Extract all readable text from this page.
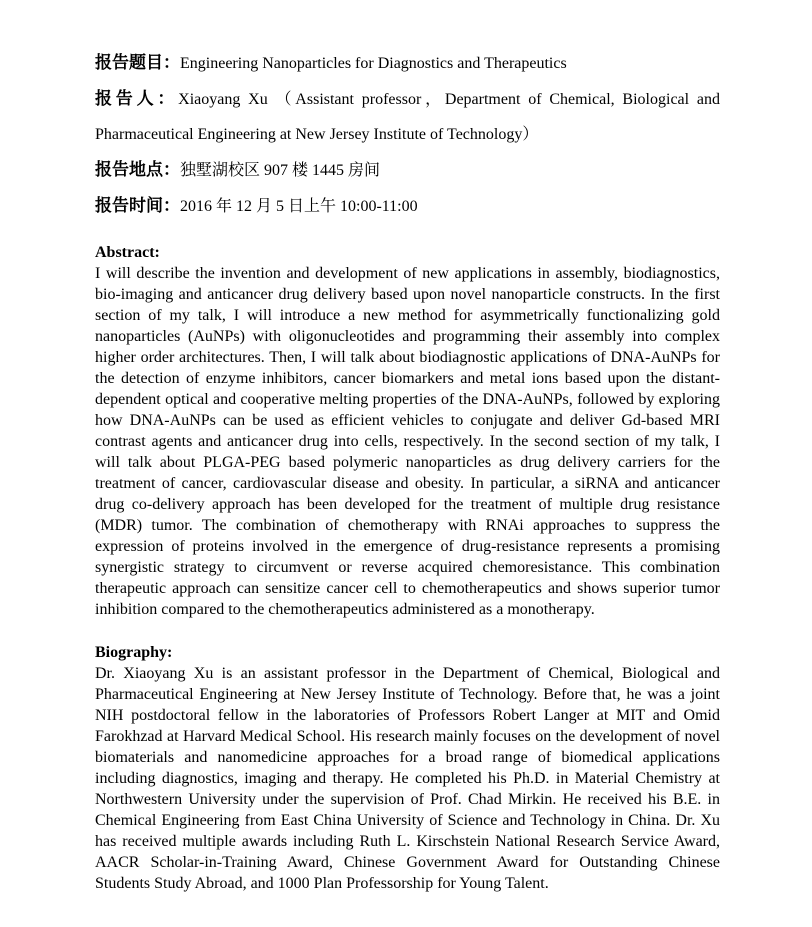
报告题目：Engineering Nanoparticles for Diagnostics and Therapeutics

报告人：Xiaoyang Xu （Assistant professor，Department of Chemical, Biological and Pharmaceutical Engineering at New Jersey Institute of Technology）

报告地点：独墅湖校区 907 楼 1445 房间

报告时间：2016 年 12 月 5 日上午 10:00-11:00

Abstract:

I will describe the invention and development of new applications in assembly, biodiagnostics, bio-imaging and anticancer drug delivery based upon novel nanoparticle constructs. In the first section of my talk, I will introduce a new method for asymmetrically functionalizing gold nanoparticles (AuNPs) with oligonucleotides and programming their assembly into complex higher order architectures. Then, I will talk about biodiagnostic applications of DNA-AuNPs for the detection of enzyme inhibitors, cancer biomarkers and metal ions based upon the distant-dependent optical and cooperative melting properties of the DNA-AuNPs, followed by exploring how DNA-AuNPs can be used as efficient vehicles to conjugate and deliver Gd-based MRI contrast agents and anticancer drug into cells, respectively. In the second section of my talk, I will talk about PLGA-PEG based polymeric nanoparticles as drug delivery carriers for the treatment of cancer, cardiovascular disease and obesity. In particular, a siRNA and anticancer drug co-delivery approach has been developed for the treatment of multiple drug resistance (MDR) tumor. The combination of chemotherapy with RNAi approaches to suppress the expression of proteins involved in the emergence of drug-resistance represents a promising synergistic strategy to circumvent or reverse acquired chemoresistance. This combination therapeutic approach can sensitize cancer cell to chemotherapeutics and shows superior tumor inhibition compared to the chemotherapeutics administered as a monotherapy.

Biography:

Dr. Xiaoyang Xu is an assistant professor in the Department of Chemical, Biological and Pharmaceutical Engineering at New Jersey Institute of Technology. Before that, he was a joint NIH postdoctoral fellow in the laboratories of Professors Robert Langer at MIT and Omid Farokhzad at Harvard Medical School. His research mainly focuses on the development of novel biomaterials and nanomedicine approaches for a broad range of biomedical applications including diagnostics, imaging and therapy. He completed his Ph.D. in Material Chemistry at Northwestern University under the supervision of Prof. Chad Mirkin. He received his B.E. in Chemical Engineering from East China University of Science and Technology in China. Dr. Xu has received multiple awards including Ruth L. Kirschstein National Research Service Award, AACR Scholar-in-Training Award, Chinese Government Award for Outstanding Chinese Students Study Abroad, and 1000 Plan Professorship for Young Talent.
